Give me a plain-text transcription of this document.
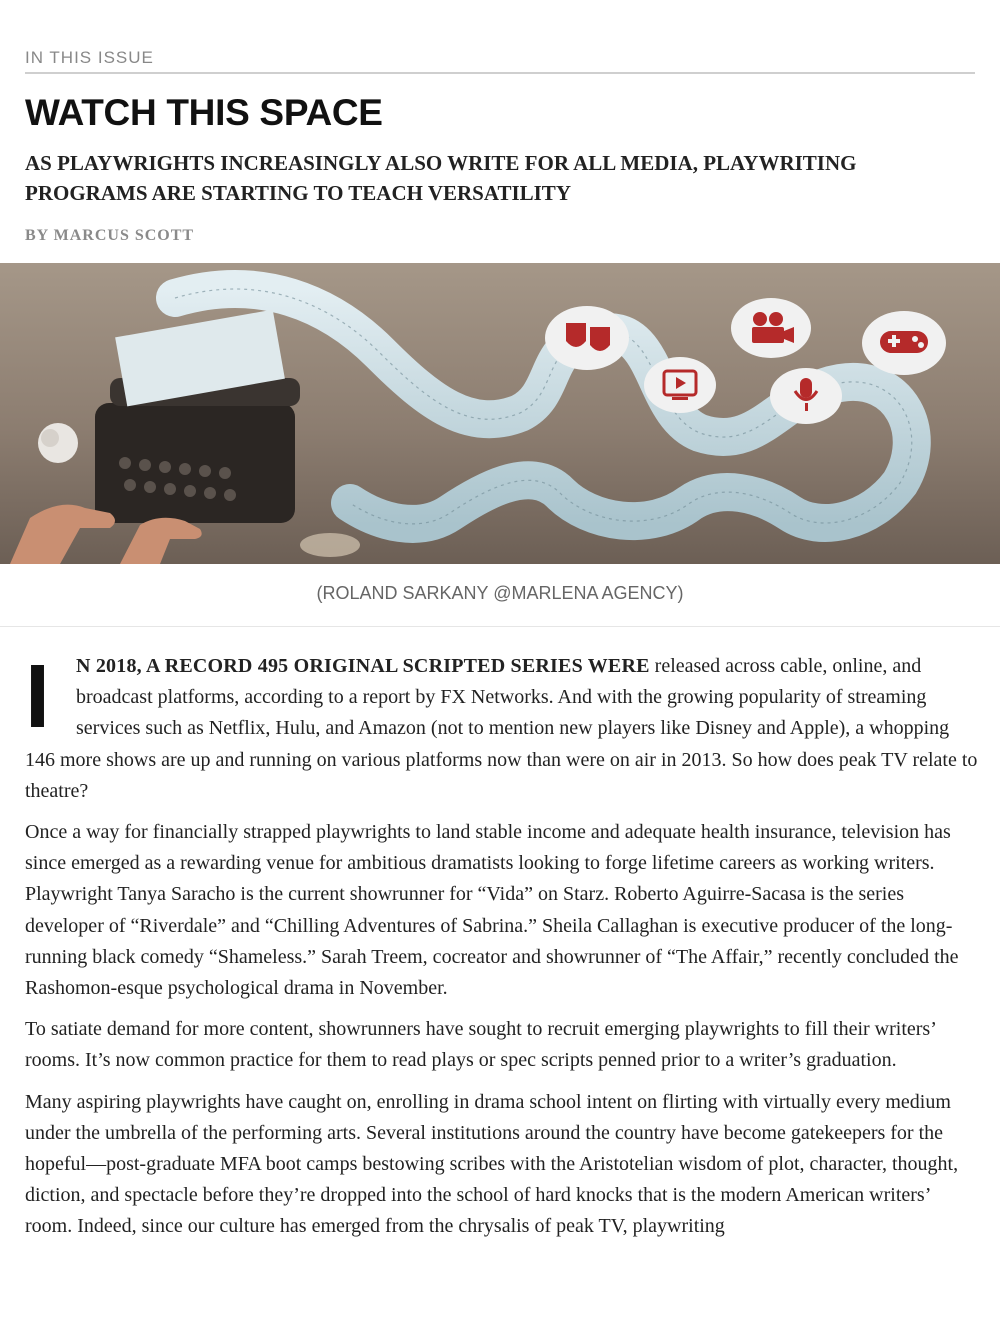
IN THIS ISSUE
WATCH THIS SPACE
AS PLAYWRIGHTS INCREASINGLY ALSO WRITE FOR ALL MEDIA, PLAYWRITING PROGRAMS ARE STARTING TO TEACH VERSATILITY
BY MARCUS SCOTT
(ROLAND SARKANY @MARLENA AGENCY)

I N 2018, A RECORD 495 ORIGINAL SCRIPTED SERIES WERE released across cable, online, and broadcast platforms, according to a report by FX Networks. And with the growing popularity of streaming services such as Netflix, Hulu, and Amazon (not to mention new players like Disney and Apple), a whopping 146 more shows are up and running on various platforms now than were on air in 2013. So how does peak TV relate to theatre?

Once a way for financially strapped playwrights to land stable income and adequate health insurance, television has since emerged as a rewarding venue for ambitious dramatists looking to forge lifetime careers as working writers. Playwright Tanya Saracho is the current showrunner for “Vida” on Starz. Roberto Aguirre-Sacasa is the series developer of “Riverdale” and “Chilling Adventures of Sabrina.” Sheila Callaghan is executive producer of the long-running black comedy “Shameless.” Sarah Treem, cocreator and showrunner of “The Affair,” recently concluded the Rashomon-esque psychological drama in November.

To satiate demand for more content, showrunners have sought to recruit emerging playwrights to fill their writers’ rooms. It’s now common practice for them to read plays or spec scripts penned prior to a writer’s graduation.

Many aspiring playwrights have caught on, enrolling in drama school intent on flirting with virtually every medium under the umbrella of the performing arts. Several institutions around the country have become gatekeepers for the hopeful—post-graduate MFA boot camps bestowing scribes with the Aristotelian wisdom of plot, character, thought, diction, and spectacle before they’re dropped into the school of hard knocks that is the modern American writers’ room. Indeed, since our culture has emerged from the chrysalis of peak TV, playwriting
